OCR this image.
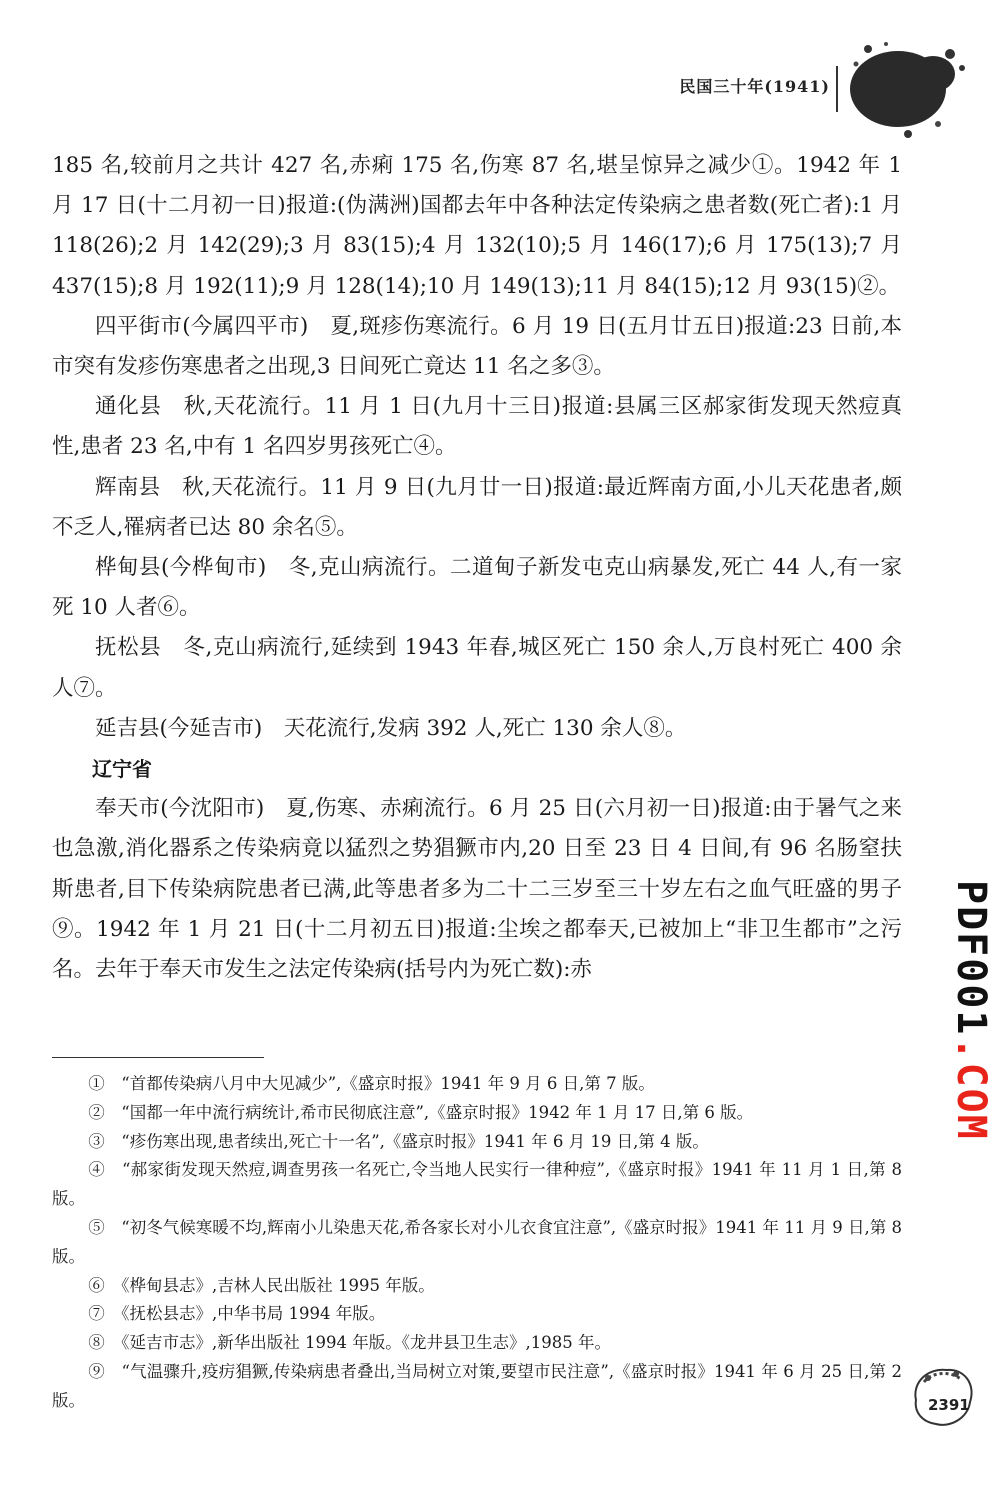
民国三十年(1941)

185 名,较前月之共计 427 名,赤痢 175 名,伤寒 87 名,堪呈惊异之减少①。1942 年 1 月 17 日(十二月初一日)报道:(伪满洲)国都去年中各种法定传染病之患者数(死亡者):1 月 118(26);2 月 142(29);3 月 83(15);4 月 132(10);5 月 146(17);6 月 175(13);7 月 437(15);8 月 192(11);9 月 128(14);10 月 149(13);11 月 84(15);12 月 93(15)②。

四平街市(今属四平市)　夏,斑疹伤寒流行。6 月 19 日(五月廿五日)报道:23 日前,本市突有发疹伤寒患者之出现,3 日间死亡竟达 11 名之多③。

通化县　秋,天花流行。11 月 1 日(九月十三日)报道:县属三区郝家街发现天然痘真性,患者 23 名,中有 1 名四岁男孩死亡④。

辉南县　秋,天花流行。11 月 9 日(九月廿一日)报道:最近辉南方面,小儿天花患者,颇不乏人,罹病者已达 80 余名⑤。

桦甸县(今桦甸市)　冬,克山病流行。二道甸子新发屯克山病暴发,死亡 44 人,有一家死 10 人者⑥。

抚松县　冬,克山病流行,延续到 1943 年春,城区死亡 150 余人,万良村死亡 400 余人⑦。

延吉县(今延吉市)　天花流行,发病 392 人,死亡 130 余人⑧。

辽宁省

奉天市(今沈阳市)　夏,伤寒、赤痢流行。6 月 25 日(六月初一日)报道:由于暑气之来也急激,消化器系之传染病竟以猛烈之势猖獗市内,20 日至 23 日 4 日间,有 96 名肠窒扶斯患者,目下传染病院患者已满,此等患者多为二十二三岁至三十岁左右之血气旺盛的男子⑨。1942 年 1 月 21 日(十二月初五日)报道:尘埃之都奉天,已被加上“非卫生都市”之污名。去年于奉天市发生之法定传染病(括号内为死亡数):赤

①　“首都传染病八月中大见减少”,《盛京时报》1941 年 9 月 6 日,第 7 版。

②　“国都一年中流行病统计,希市民彻底注意”,《盛京时报》1942 年 1 月 17 日,第 6 版。

③　“疹伤寒出现,患者续出,死亡十一名”,《盛京时报》1941 年 6 月 19 日,第 4 版。

④　“郝家街发现天然痘,调查男孩一名死亡,令当地人民实行一律种痘”,《盛京时报》1941 年 11 月 1 日,第 8 版。

⑤　“初冬气候寒暖不均,辉南小儿染患天花,希各家长对小儿衣食宜注意”,《盛京时报》1941 年 11 月 9 日,第 8 版。

⑥　《桦甸县志》,吉林人民出版社 1995 年版。

⑦　《抚松县志》,中华书局 1994 年版。

⑧　《延吉市志》,新华出版社 1994 年版。《龙井县卫生志》,1985 年。

⑨　“气温骤升,疫疠猖獗,传染病患者叠出,当局树立对策,要望市民注意”,《盛京时报》1941 年 6 月 25 日,第 2 版。

PDF001.COM
2391
